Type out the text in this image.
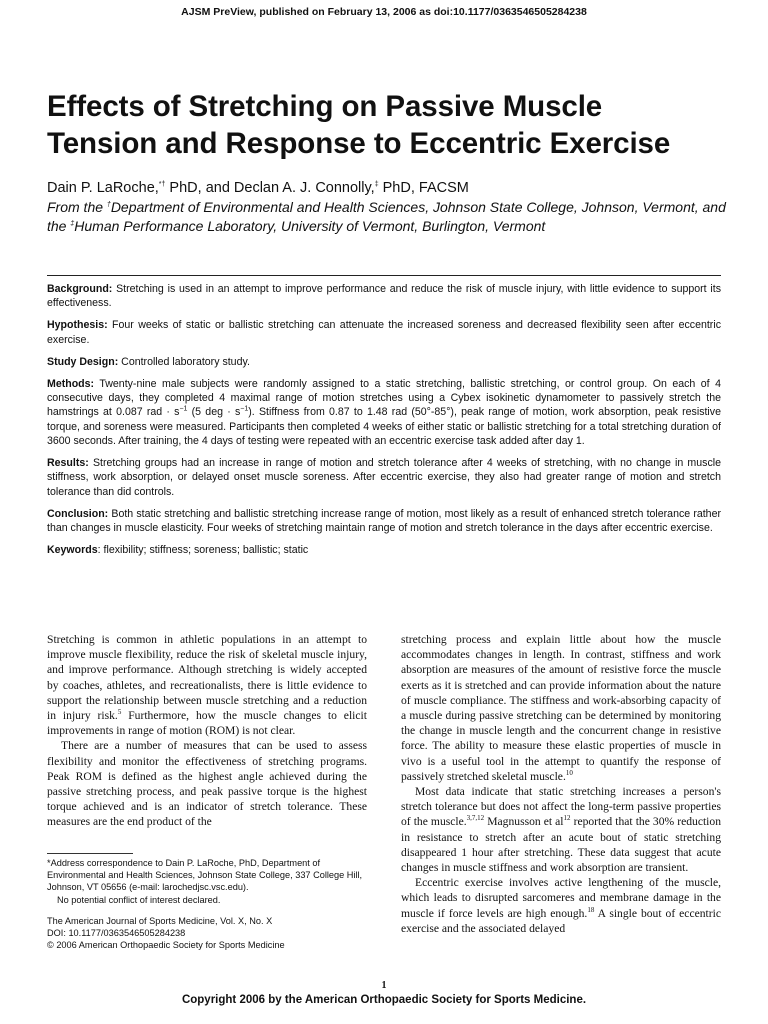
AJSM PreView, published on February 13, 2006 as doi:10.1177/0363546505284238
Effects of Stretching on Passive Muscle
Tension and Response to Eccentric Exercise
Dain P. LaRoche,*† PhD, and Declan A. J. Connolly,‡ PhD, FACSM
From the †Department of Environmental and Health Sciences, Johnson State College, Johnson, Vermont, and the ‡Human Performance Laboratory, University of Vermont, Burlington, Vermont

Background: Stretching is used in an attempt to improve performance and reduce the risk of muscle injury, with little evidence to support its effectiveness.

Hypothesis: Four weeks of static or ballistic stretching can attenuate the increased soreness and decreased flexibility seen after eccentric exercise.

Study Design: Controlled laboratory study.

Methods: Twenty-nine male subjects were randomly assigned to a static stretching, ballistic stretching, or control group. On each of 4 consecutive days, they completed 4 maximal range of motion stretches using a Cybex isokinetic dynamometer to passively stretch the hamstrings at 0.087 rad · $s^{-1}$ (5 deg · $s^{-1}$). Stiffness from 0.87 to 1.48 rad (50°-85°), peak range of motion, work absorption, peak resistive torque, and soreness were measured. Participants then completed 4 weeks of either static or ballistic stretching for a total stretching duration of 3600 seconds. After training, the 4 days of testing were repeated with an eccentric exercise task added after day 1.

Results: Stretching groups had an increase in range of motion and stretch tolerance after 4 weeks of stretching, with no change in muscle stiffness, work absorption, or delayed onset muscle soreness. After eccentric exercise, they also had greater range of motion and stretch tolerance than did controls.

Conclusion: Both static stretching and ballistic stretching increase range of motion, most likely as a result of enhanced stretch tolerance rather than changes in muscle elasticity. Four weeks of stretching maintain range of motion and stretch tolerance in the days after eccentric exercise.

Keywords: flexibility; stiffness; soreness; ballistic; static

Stretching is common in athletic populations in an attempt to improve muscle flexibility, reduce the risk of skeletal muscle injury, and improve performance. Although stretching is widely accepted by coaches, athletes, and recreationalists, there is little evidence to support the relationship between muscle stretching and a reduction in injury risk.$^5$ Furthermore, how the muscle changes to elicit improvements in range of motion (ROM) is not clear.

There are a number of measures that can be used to assess flexibility and monitor the effectiveness of stretching programs. Peak ROM is defined as the highest angle achieved during the passive stretching process, and peak passive torque is the highest torque achieved and is an indicator of stretch tolerance. These measures are the end product of the

stretching process and explain little about how the muscle accommodates changes in length. In contrast, stiffness and work absorption are measures of the amount of resistive force the muscle exerts as it is stretched and can provide information about the nature of muscle compliance. The stiffness and work-absorbing capacity of a muscle during passive stretching can be determined by monitoring the change in muscle length and the concurrent change in resistive force. The ability to measure these elastic properties of muscle in vivo is a useful tool in the attempt to quantify the response of passively stretched skeletal muscle.$^{10}$

Most data indicate that static stretching increases a person's stretch tolerance but does not affect the long-term passive properties of the muscle.$^{3,7,12}$ Magnusson et $al^{12}$ reported that the 30% reduction in resistance to stretch after an acute bout of static stretching disappeared 1 hour after stretching. These data suggest that acute changes in muscle stiffness and work absorption are transient.

Eccentric exercise involves active lengthening of the muscle, which leads to disrupted sarcomeres and membrane damage in the muscle if force levels are high enough.$^{18}$ A single bout of eccentric exercise and the associated delayed

*Address correspondence to Dain P. LaRoche, PhD, Department of Environmental and Health Sciences, Johnson State College, 337 College Hill, Johnson, VT 05656 (e-mail: larochedjsc.vsc.edu).

No potential conflict of interest declared.

The American Journal of Sports Medicine, Vol. X, No. X
DOI: 10.1177/0363546505284238
© 2006 American Orthopaedic Society for Sports Medicine
1
Copyright 2006 by the American Orthopaedic Society for Sports Medicine.
